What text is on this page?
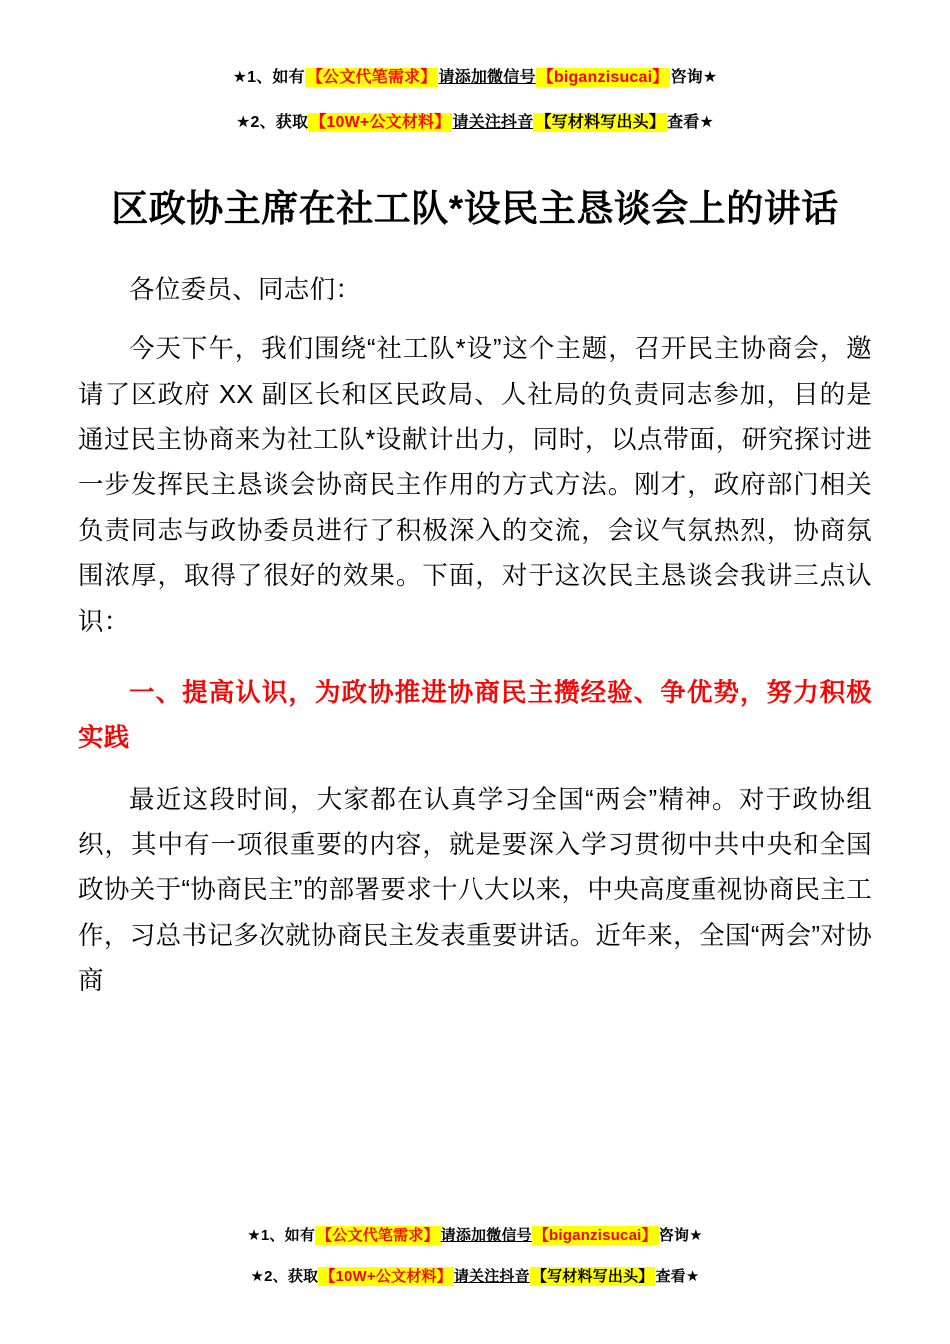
★1、如有 【公文代笔需求】 请添加微信号 【biganzisucai】 咨询★
★2、获取 【10W+公文材料】 请关注抖音 【写材料写出头】 查看★
区政协主席在社工队*设民主恳谈会上的讲话

各位委员、同志们：

今天下午，我们围绕“社工队*设”这个主题，召开民主协商会，邀请了区政府 XX 副区长和区民政局、人社局的负责同志参加，目的是通过民主协商来为社工队*设献计出力，同时，以点带面，研究探讨进一步发挥民主恳谈会协商民主作用的方式方法。刚才，政府部门相关负责同志与政协委员进行了积极深入的交流，会议气氛热烈，协商氛围浓厚，取得了很好的效果。下面，对于这次民主恳谈会我讲三点认识：

一、提高认识，为政协推进协商民主攒经验、争优势，努力积极实践

最近这段时间，大家都在认真学习全国“两会”精神。对于政协组织，其中有一项很重要的内容，就是要深入学习贯彻中共中央和全国政协关于“协商民主”的部署要求十八大以来，中央高度重视协商民主工作，习总书记多次就协商民主发表重要讲话。近年来，全国“两会”对协商

★1、如有 【公文代笔需求】 请添加微信号 【biganzisucai】 咨询★
★2、获取 【10W+公文材料】 请关注抖音 【写材料写出头】 查看★
